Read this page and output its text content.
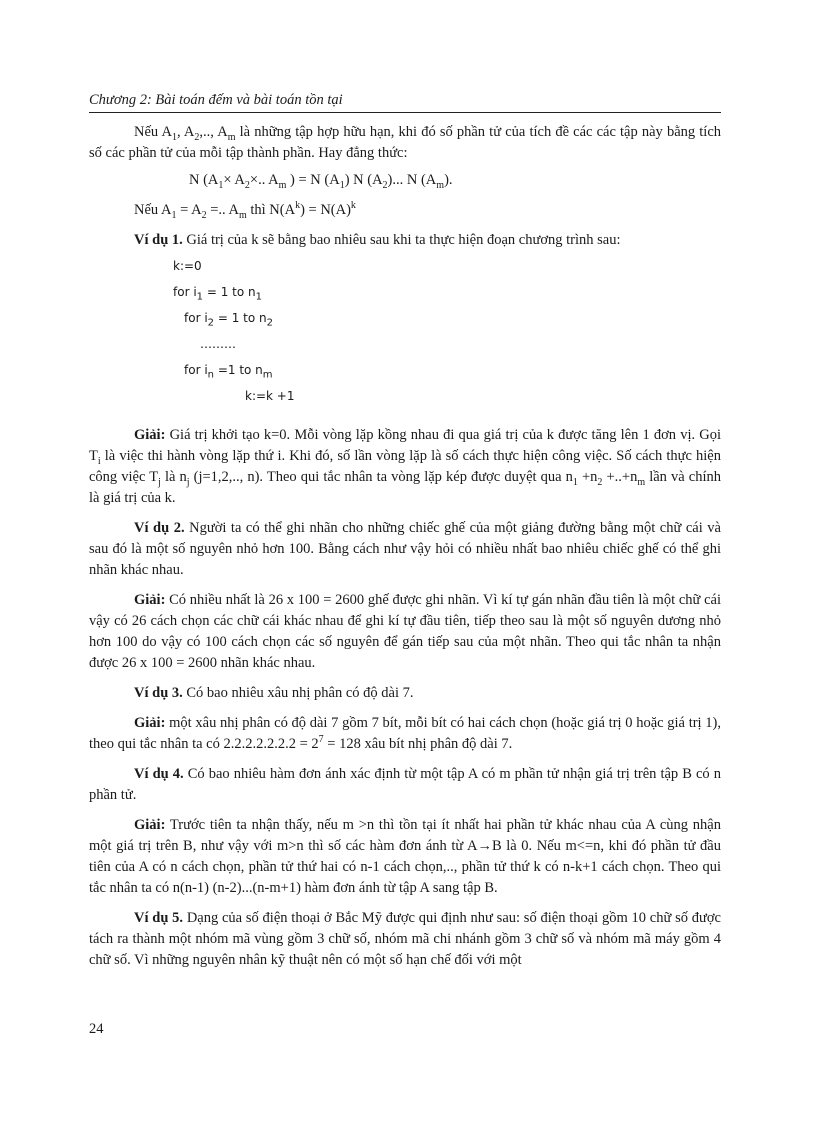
Chương 2: Bài toán đếm và bài toán tồn tại

Nếu $A_1$, $A_2$,.., $A_m$ là những tập hợp hữu hạn, khi đó số phần tử của tích đề các các tập này bằng tích số các phần tử của mỗi tập thành phần. Hay đẳng thức:

N ($A_1\times A_2\times$.. $A_m$ ) = N $(A_1)$ N $(A_2)$... N $(A_m)$.

Nếu $A_1 = A_2$ =.. $A_m$ thì $N(A^k) = N(A)^k$

Ví dụ 1. Giá trị của k sẽ bằng bao nhiêu sau khi ta thực hiện đoạn chương trình sau:

k:=0
for $i_1 = 1$ to $n_1$
for $i_2 = 1$ to $n_2$
………
for $i_n =1$ to $n_m$
k:=k +1

Giải: Giá trị khởi tạo k=0. Mỗi vòng lặp kồng nhau đi qua giá trị của k được tăng lên 1 đơn vị. Gọi $T_i$ là việc thi hành vòng lặp thứ i. Khi đó, số lần vòng lặp là số cách thực hiện công việc. Số cách thực hiện công việc $T_j$ là $n_j$ (j=1,2,.., n). Theo qui tắc nhân ta vòng lặp kép được duyệt qua $n_1 +n_2 +..+n_m$ lần và chính là giá trị của k.

Ví dụ 2. Người ta có thể ghi nhãn cho những chiếc ghế của một giảng đường bằng một chữ cái và sau đó là một số nguyên nhỏ hơn 100. Bằng cách như vậy hỏi có nhiều nhất bao nhiêu chiếc ghế có thể ghi nhãn khác nhau.

Giải: Có nhiều nhất là 26 x 100 = 2600 ghế được ghi nhãn. Vì kí tự gán nhãn đầu tiên là một chữ cái vậy có 26 cách chọn các chữ cái khác nhau để ghi kí tự đầu tiên, tiếp theo sau là một số nguyên dương nhỏ hơn 100 do vậy có 100 cách chọn các số nguyên để gán tiếp sau của một nhãn. Theo qui tắc nhân ta nhận được 26 x 100 = 2600 nhãn khác nhau.

Ví dụ 3. Có bao nhiêu xâu nhị phân có độ dài 7.

Giải: một xâu nhị phân có độ dài 7 gồm 7 bít, mỗi bít có hai cách chọn (hoặc giá trị 0 hoặc giá trị 1), theo qui tắc nhân ta có $2.2.2.2.2.2.2 = 2^7 = 128$ xâu bít nhị phân độ dài 7.

Ví dụ 4. Có bao nhiêu hàm đơn ánh xác định từ một tập A có m phần tử nhận giá trị trên tập B có n phần tử.

Giải: Trước tiên ta nhận thấy, nếu m >n thì tồn tại ít nhất hai phần tử khác nhau của A cùng nhận một giá trị trên B, như vậy với m>n thì số các hàm đơn ánh từ A→B là 0. Nếu m<=n, khi đó phần tử đầu tiên của A có n cách chọn, phần tử thứ hai có n-1 cách chọn,.., phần tử thứ k có n-k+1 cách chọn. Theo qui tắc nhân ta có n(n-1) (n-2)...(n-m+1) hàm đơn ánh từ tập A sang tập B.

Ví dụ 5. Dạng của số điện thoại ở Bắc Mỹ được qui định như sau: số điện thoại gồm 10 chữ số được tách ra thành một nhóm mã vùng gồm 3 chữ số, nhóm mã chi nhánh gồm 3 chữ số và nhóm mã máy gồm 4 chữ số. Vì những nguyên nhân kỹ thuật nên có một số hạn chế đối với một

24
